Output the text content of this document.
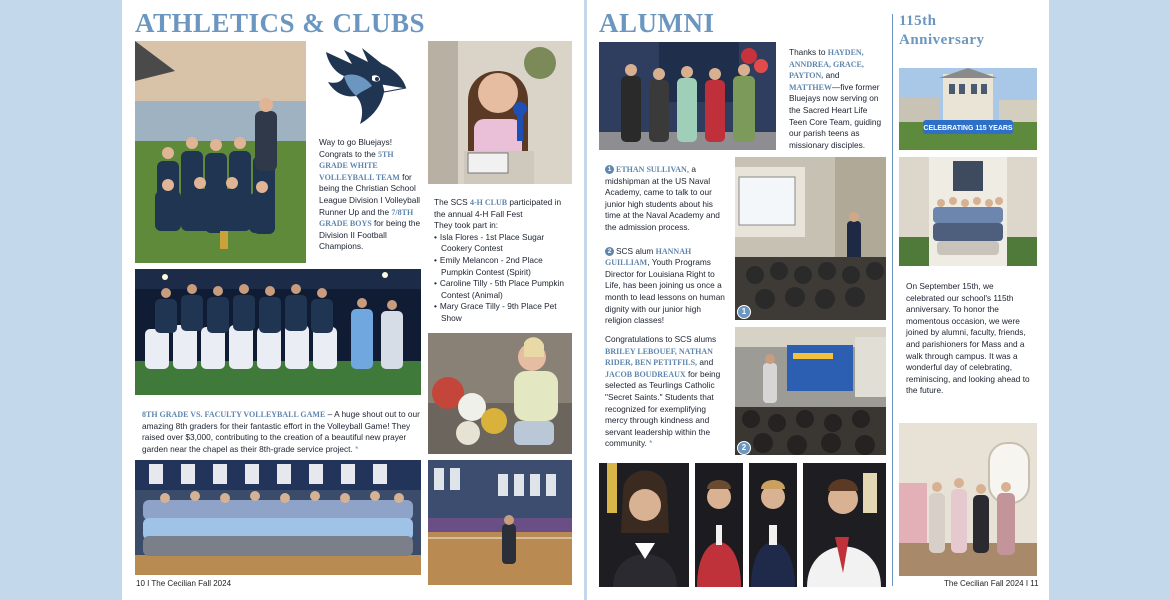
ATHLETICS & CLUBS

Way to go Bluejays! Congrats to the 5TH GRADE WHITE VOLLEYBALL TEAM for being the Christian School League Division I Volleyball Runner Up and the 7/8TH GRADE BOYS for being the Division II Football Champions.

The SCS 4-H CLUB participated in the annual 4-H Fall Fest

They took part in:

• Isla Flores - 1st Place Sugar Cookery Contest
• Emily Melancon - 2nd Place Pumpkin Contest (Spirit)
• Caroline Tilly - 5th Place Pumpkin Contest (Animal)
• Mary Grace Tilly - 9th Place Pet Show

8TH GRADE VS. FACULTY VOLLEYBALL GAME – A huge shout out to our amazing 8th graders for their fantastic effort in the Volleyball Game! They raised over $3,000, contributing to the creation of a beautiful new prayer garden near the chapel as their 8th-grade service project. *

10 I The Cecilian Fall 2024
ALUMNI

Thanks to HAYDEN, ANNDREA, GRACE, PAYTON, and MATTHEW—five former Bluejays now serving on the Sacred Heart Life Teen Core Team, guiding our parish teens as missionary disciples.

1 ETHAN SULLIVAN, a midshipman at the US Naval Academy, came to talk to our junior high students about his time at the Naval Academy and the admission process.

2 SCS alum HANNAH GUILLIAM, Youth Programs Director for Louisiana Right to Life, has been joining us once a month to lead lessons on human dignity with our junior high religion classes!

1

Congratulations to SCS alums BRILEY LEBOUEF, NATHAN RIDER, BEN PETITFILS, and JACOB BOUDREAUX for being selected as Teurlings Catholic "Secret Saints." Students that recognized for exemplifying mercy through kindness and servant leadership within the community. *	2
115th
Anniversary
CELEBRATING 115 YEARS
On September 15th, we celebrated our school's 115th anniversary. To honor the momentous occasion, we were joined by alumni, faculty, friends, and parishioners for Mass and a walk through campus. It was a wonderful day of celebrating, reminiscing, and looking ahead to the future.
The Cecilian Fall 2024 I 11
